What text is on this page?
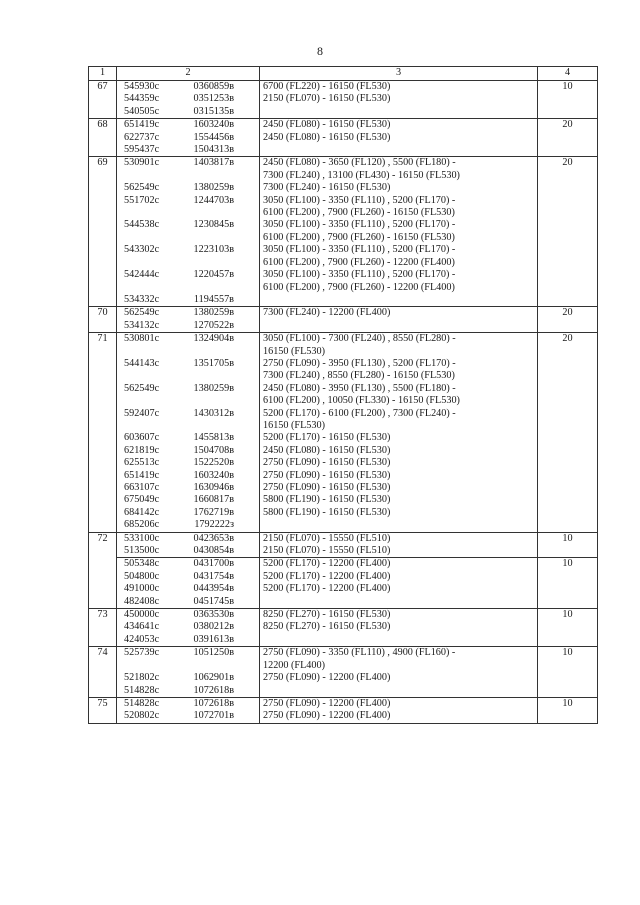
8
1	2	3	4
67	545930с 0360859в	6700 (FL220) - 16150 (FL530)	10

	544359с 0351253в	2150 (FL070) - 16150 (FL530)	

	540505с 0315135в		

68	651419с 1603240в	2450 (FL080) - 16150 (FL530)	20

	622737с 1554456в	2450 (FL080) - 16150 (FL530)	

	595437с 1504313в		

69	530901с 1403817в	2450 (FL080) - 3650 (FL120) , 5500 (FL180) -	20

	7300 (FL240) , 13100 (FL430) - 16150 (FL530)	

	562549с 1380259в	7300 (FL240) - 16150 (FL530)	

	551702с 1244703в	3050 (FL100) - 3350 (FL110) , 5200 (FL170) -	

	6100 (FL200) , 7900 (FL260) - 16150 (FL530)	

	544538с 1230845в	3050 (FL100) - 3350 (FL110) , 5200 (FL170) -	

	6100 (FL200) , 7900 (FL260) - 16150 (FL530)	

	543302с 1223103в	3050 (FL100) - 3350 (FL110) , 5200 (FL170) -	

	6100 (FL200) , 7900 (FL260) - 12200 (FL400)	

	542444с 1220457в	3050 (FL100) - 3350 (FL110) , 5200 (FL170) -	

	6100 (FL200) , 7900 (FL260) - 12200 (FL400)	

	534332с 1194557в		

70	562549с 1380259в	7300 (FL240) - 12200 (FL400)	20

	534132с 1270522в		

71	530801с 1324904в	3050 (FL100) - 7300 (FL240) , 8550 (FL280) -	20

	16150 (FL530)	

	544143с 1351705в	2750 (FL090) - 3950 (FL130) , 5200 (FL170) -	

	7300 (FL240) , 8550 (FL280) - 16150 (FL530)	

	562549с 1380259в	2450 (FL080) - 3950 (FL130) , 5500 (FL180) -	

	6100 (FL200) , 10050 (FL330) - 16150 (FL530)	

	592407с 1430312в	5200 (FL170) - 6100 (FL200) , 7300 (FL240) -	

	16150 (FL530)	

	603607с 1455813в	5200 (FL170) - 16150 (FL530)	

	621819с 1504708в	2450 (FL080) - 16150 (FL530)	

	625513с 1522520в	2750 (FL090) - 16150 (FL530)	

	651419с 1603240в	2750 (FL090) - 16150 (FL530)	

	663107с 1630946в	2750 (FL090) - 16150 (FL530)	

	675049с 1660817в	5800 (FL190) - 16150 (FL530)	

	684142с 1762719в	5800 (FL190) - 16150 (FL530)	

	685206с 1792222з		

72	533100с 0423653в	2150 (FL070) - 15550 (FL510)	10

	513500с 0430854в	2150 (FL070) - 15550 (FL510)	

	505348с 0431700в	5200 (FL170) - 12200 (FL400)	10

	504800с 0431754в	5200 (FL170) - 12200 (FL400)	

	491000с 0443954в	5200 (FL170) - 12200 (FL400)	

	482408с 0451745в		

73	450000с 0363530в	8250 (FL270) - 16150 (FL530)	10

	434641с 0380212в	8250 (FL270) - 16150 (FL530)	

	424053с 0391613в		

74	525739с 1051250в	2750 (FL090) - 3350 (FL110) , 4900 (FL160) -	10

	12200 (FL400)	

	521802с 1062901в	2750 (FL090) - 12200 (FL400)	

	514828с 1072618в		

75	514828с 1072618в	2750 (FL090) - 12200 (FL400)	10

	520802с 1072701в	2750 (FL090) - 12200 (FL400)	
